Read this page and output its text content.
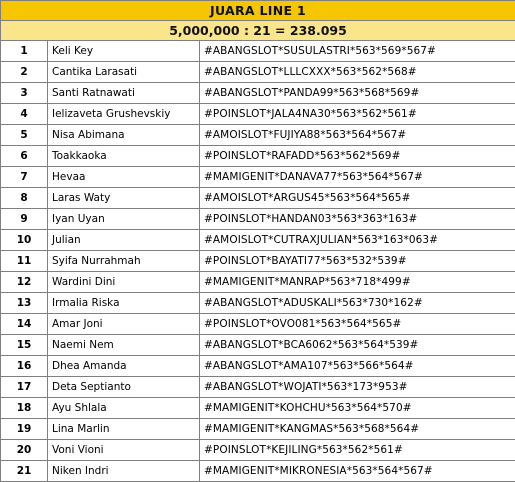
JUARA LINE 1		
5,000,000 : 21 = 238.095		
1	Keli Key	#ABANGSLOT*SUSULASTRI*563*569*567#
2	Cantika Larasati	#ABANGSLOT*LLLCXXX*563*562*568#
3	Santi Ratnawati	#ABANGSLOT*PANDA99*563*568*569#
4	Ielizaveta Grushevskiy	#POINSLOT*JALA4NA30*563*562*561#
5	Nisa Abimana	#AMOISLOT*FUJIYA88*563*564*567#
6	Toakkaoka	#POINSLOT*RAFADD*563*562*569#
7	Hevaa	#MAMIGENIT*DANAVA77*563*564*567#
8	Laras Waty	#AMOISLOT*ARGUS45*563*564*565#
9	Iyan Uyan	#POINSLOT*HANDAN03*563*363*163#
10	Julian	#AMOISLOT*CUTRAXJULIAN*563*163*063#
11	Syifa Nurrahmah	#POINSLOT*BAYATI77*563*532*539#
12	Wardini Dini	#MAMIGENIT*MANRAP*563*718*499#
13	Irmalia Riska	#ABANGSLOT*ADUSKALI*563*730*162#
14	Amar Joni	#POINSLOT*OVO081*563*564*565#
15	Naemi Nem	#ABANGSLOT*BCA6062*563*564*539#
16	Dhea Amanda	#ABANGSLOT*AMA107*563*566*564#
17	Deta Septianto	#ABANGSLOT*WOJATI*563*173*953#
18	Ayu Shlala	#MAMIGENIT*KOHCHU*563*564*570#
19	Lina Marlin	#MAMIGENIT*KANGMAS*563*568*564#
20	Voni Vioni	#POINSLOT*KEJILING*563*562*561#
21	Niken Indri	#MAMIGENIT*MIKRONESIA*563*564*567#
